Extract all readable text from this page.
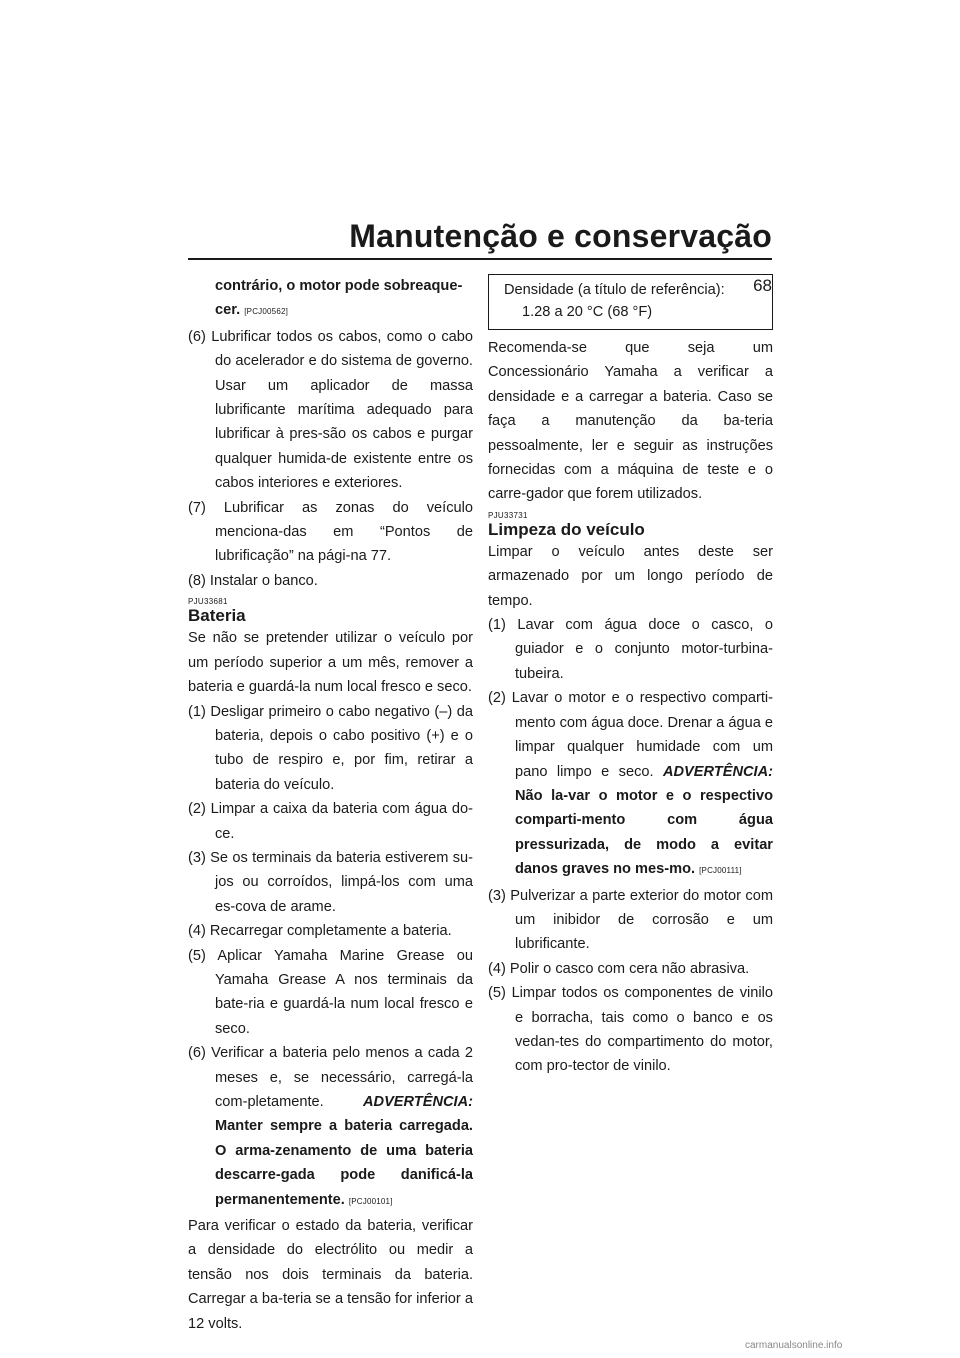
Manutenção e conservação
68

contrário, o motor pode sobreaque-
cer. [PCJ00562]

(6) Lubrificar todos os cabos, como o cabo do acelerador e do sistema de governo. Usar um aplicador de massa lubrificante marítima adequado para lubrificar à pres-são os cabos e purgar qualquer humida-de existente entre os cabos interiores e exteriores.
(7) Lubrificar as zonas do veículo menciona-das em “Pontos de lubrificação” na pági-na 77.
(8) Instalar o banco.
PJU33681
Bateria

Se não se pretender utilizar o veículo por um período superior a um mês, remover a bateria e guardá-la num local fresco e seco.

(1) Desligar primeiro o cabo negativo (–) da bateria, depois o cabo positivo (+) e o tubo de respiro e, por fim, retirar a bateria do veículo.
(2) Limpar a caixa da bateria com água do-ce.
(3) Se os terminais da bateria estiverem su-jos ou corroídos, limpá-los com uma es-cova de arame.
(4) Recarregar completamente a bateria.
(5) Aplicar Yamaha Marine Grease ou Yamaha Grease A nos terminais da bate-ria e guardá-la num local fresco e seco.
(6) Verificar a bateria pelo menos a cada 2 meses e, se necessário, carregá-la com-pletamente.	ADVERTÊNCIA: Manter sempre a bateria carregada. O arma-zenamento de uma bateria descarre-gada pode danificá-la permanentemente. [PCJ00101]

Para verificar o estado da bateria, verificar a densidade do electrólito ou medir a tensão nos dois terminais da bateria. Carregar a ba-teria se a tensão for inferior a 12 volts.

Densidade (a título de referência):

1.28 a 20 °C (68 °F)

Recomenda-se que seja um Concessionário Yamaha a verificar a densidade e a carregar a bateria. Caso se faça a manutenção da ba-teria pessoalmente, ler e seguir as instruções fornecidas com a máquina de teste e o carre-gador que forem utilizados.

PJU33731
Limpeza do veículo

Limpar o veículo antes deste ser armazenado por um longo período de tempo.

(1) Lavar com água doce o casco, o guiador e o conjunto motor-turbina-tubeira.
(2) Lavar o motor e o respectivo comparti-mento com água doce. Drenar a água e limpar qualquer humidade com um pano limpo e seco. ADVERTÊNCIA: Não la-var o motor e o respectivo comparti-mento com água pressurizada, de modo a evitar danos graves no mes-mo. [PCJ00111]
(3) Pulverizar a parte exterior do motor com um inibidor de corrosão e um lubrificante.
(4) Polir o casco com cera não abrasiva.
(5) Limpar todos os componentes de vinilo e borracha, tais como o banco e os vedan-tes do compartimento do motor, com pro-tector de vinilo.
carmanualsonline.info
